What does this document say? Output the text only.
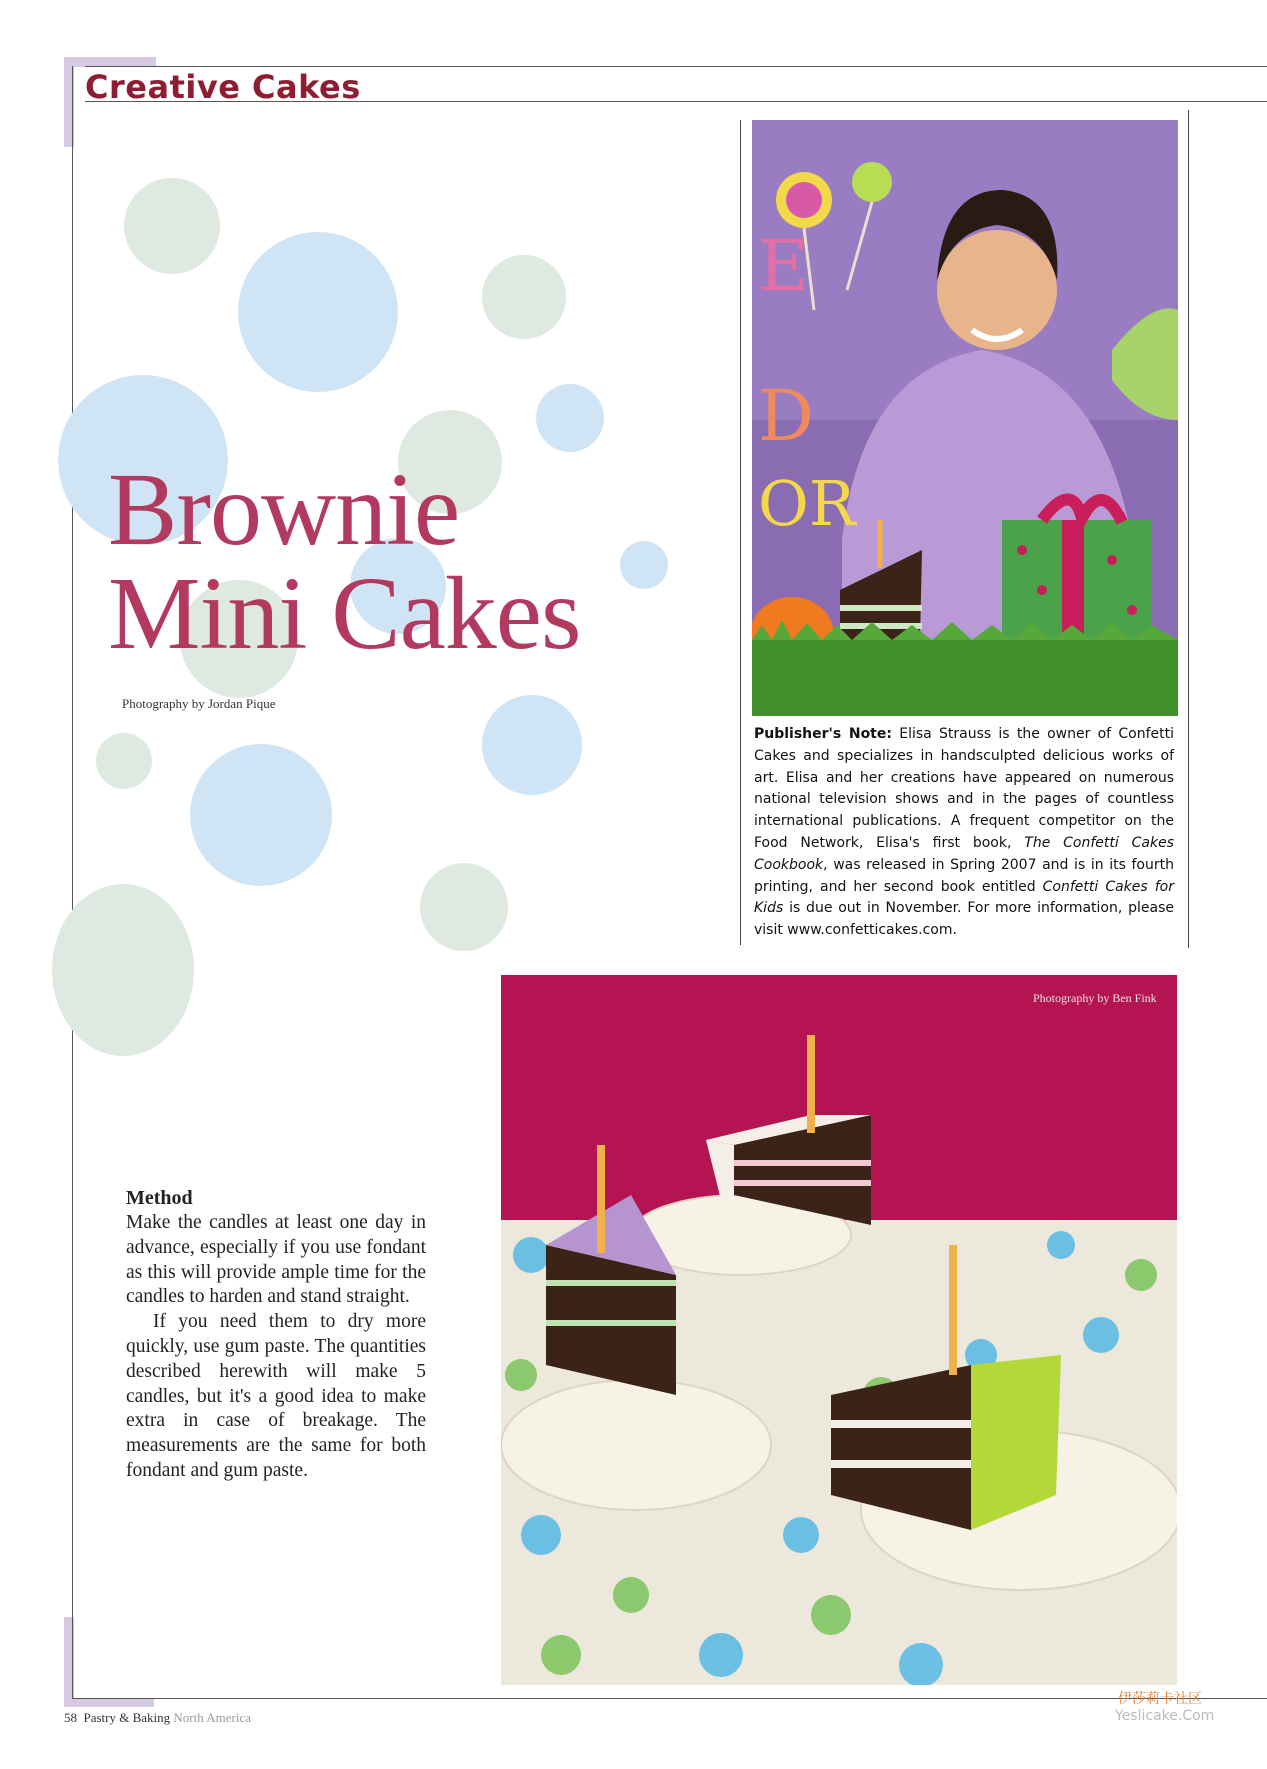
Creative Cakes
Brownie
Mini Cakes
Photography by Jordan Pique
E
D
OR
Publisher's Note: Elisa Strauss is the owner of Confetti Cakes and specializes in handsculpted delicious works of art. Elisa and her creations have appeared on numerous national television shows and in the pages of countless international publications. A frequent competitor on the Food Network, Elisa's first book, The Confetti Cakes Cookbook, was released in Spring 2007 and is in its fourth printing, and her second book entitled Confetti Cakes for Kids is due out in November. For more information, please visit www.confetticakes.com.
Photography by Ben Fink
Method

Make the candles at least one day in advance, especially if you use fondant as this will provide ample time for the candles to harden and stand straight.

If you need them to dry more quickly, use gum paste. The quantities described herewith will make 5 candles, but it's a good idea to make extra in case of breakage. The measurements are the same for both fondant and gum paste.

58 Pastry & Baking North America
伊莎莉卡社区
Yeslicake.Com
